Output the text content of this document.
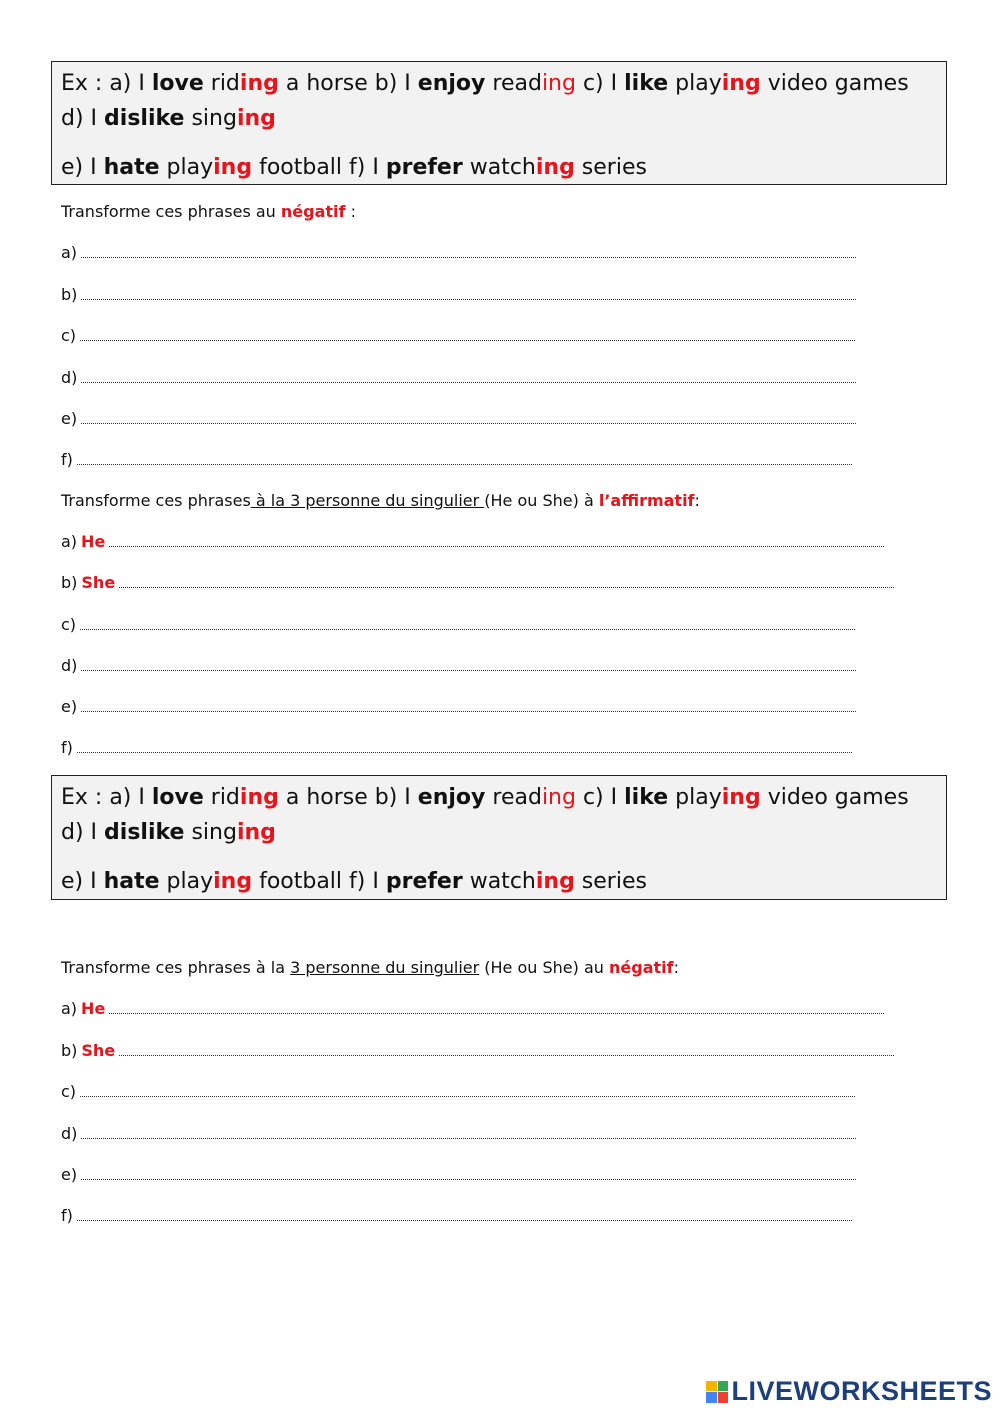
Ex : a) I love riding a horse b) I enjoy reading c) I like playing video games d) I dislike singing

e) I hate playing football f) I prefer watching series

Transforme ces phrases au négatif :
a)
b)
c)
d)
e)
f)
Transforme ces phrases à la 3 personne du singulier (He ou She) à l’affirmatif:
a) He
b) She
c)
d)
e)
f)

Ex : a) I love riding a horse b) I enjoy reading c) I like playing video games d) I dislike singing

e) I hate playing football f) I prefer watching series

Transforme ces phrases à la 3 personne du singulier (He ou She) au négatif:
a) He
b) She
c)
d)
e)
f)
LIVEWORKSHEETS
